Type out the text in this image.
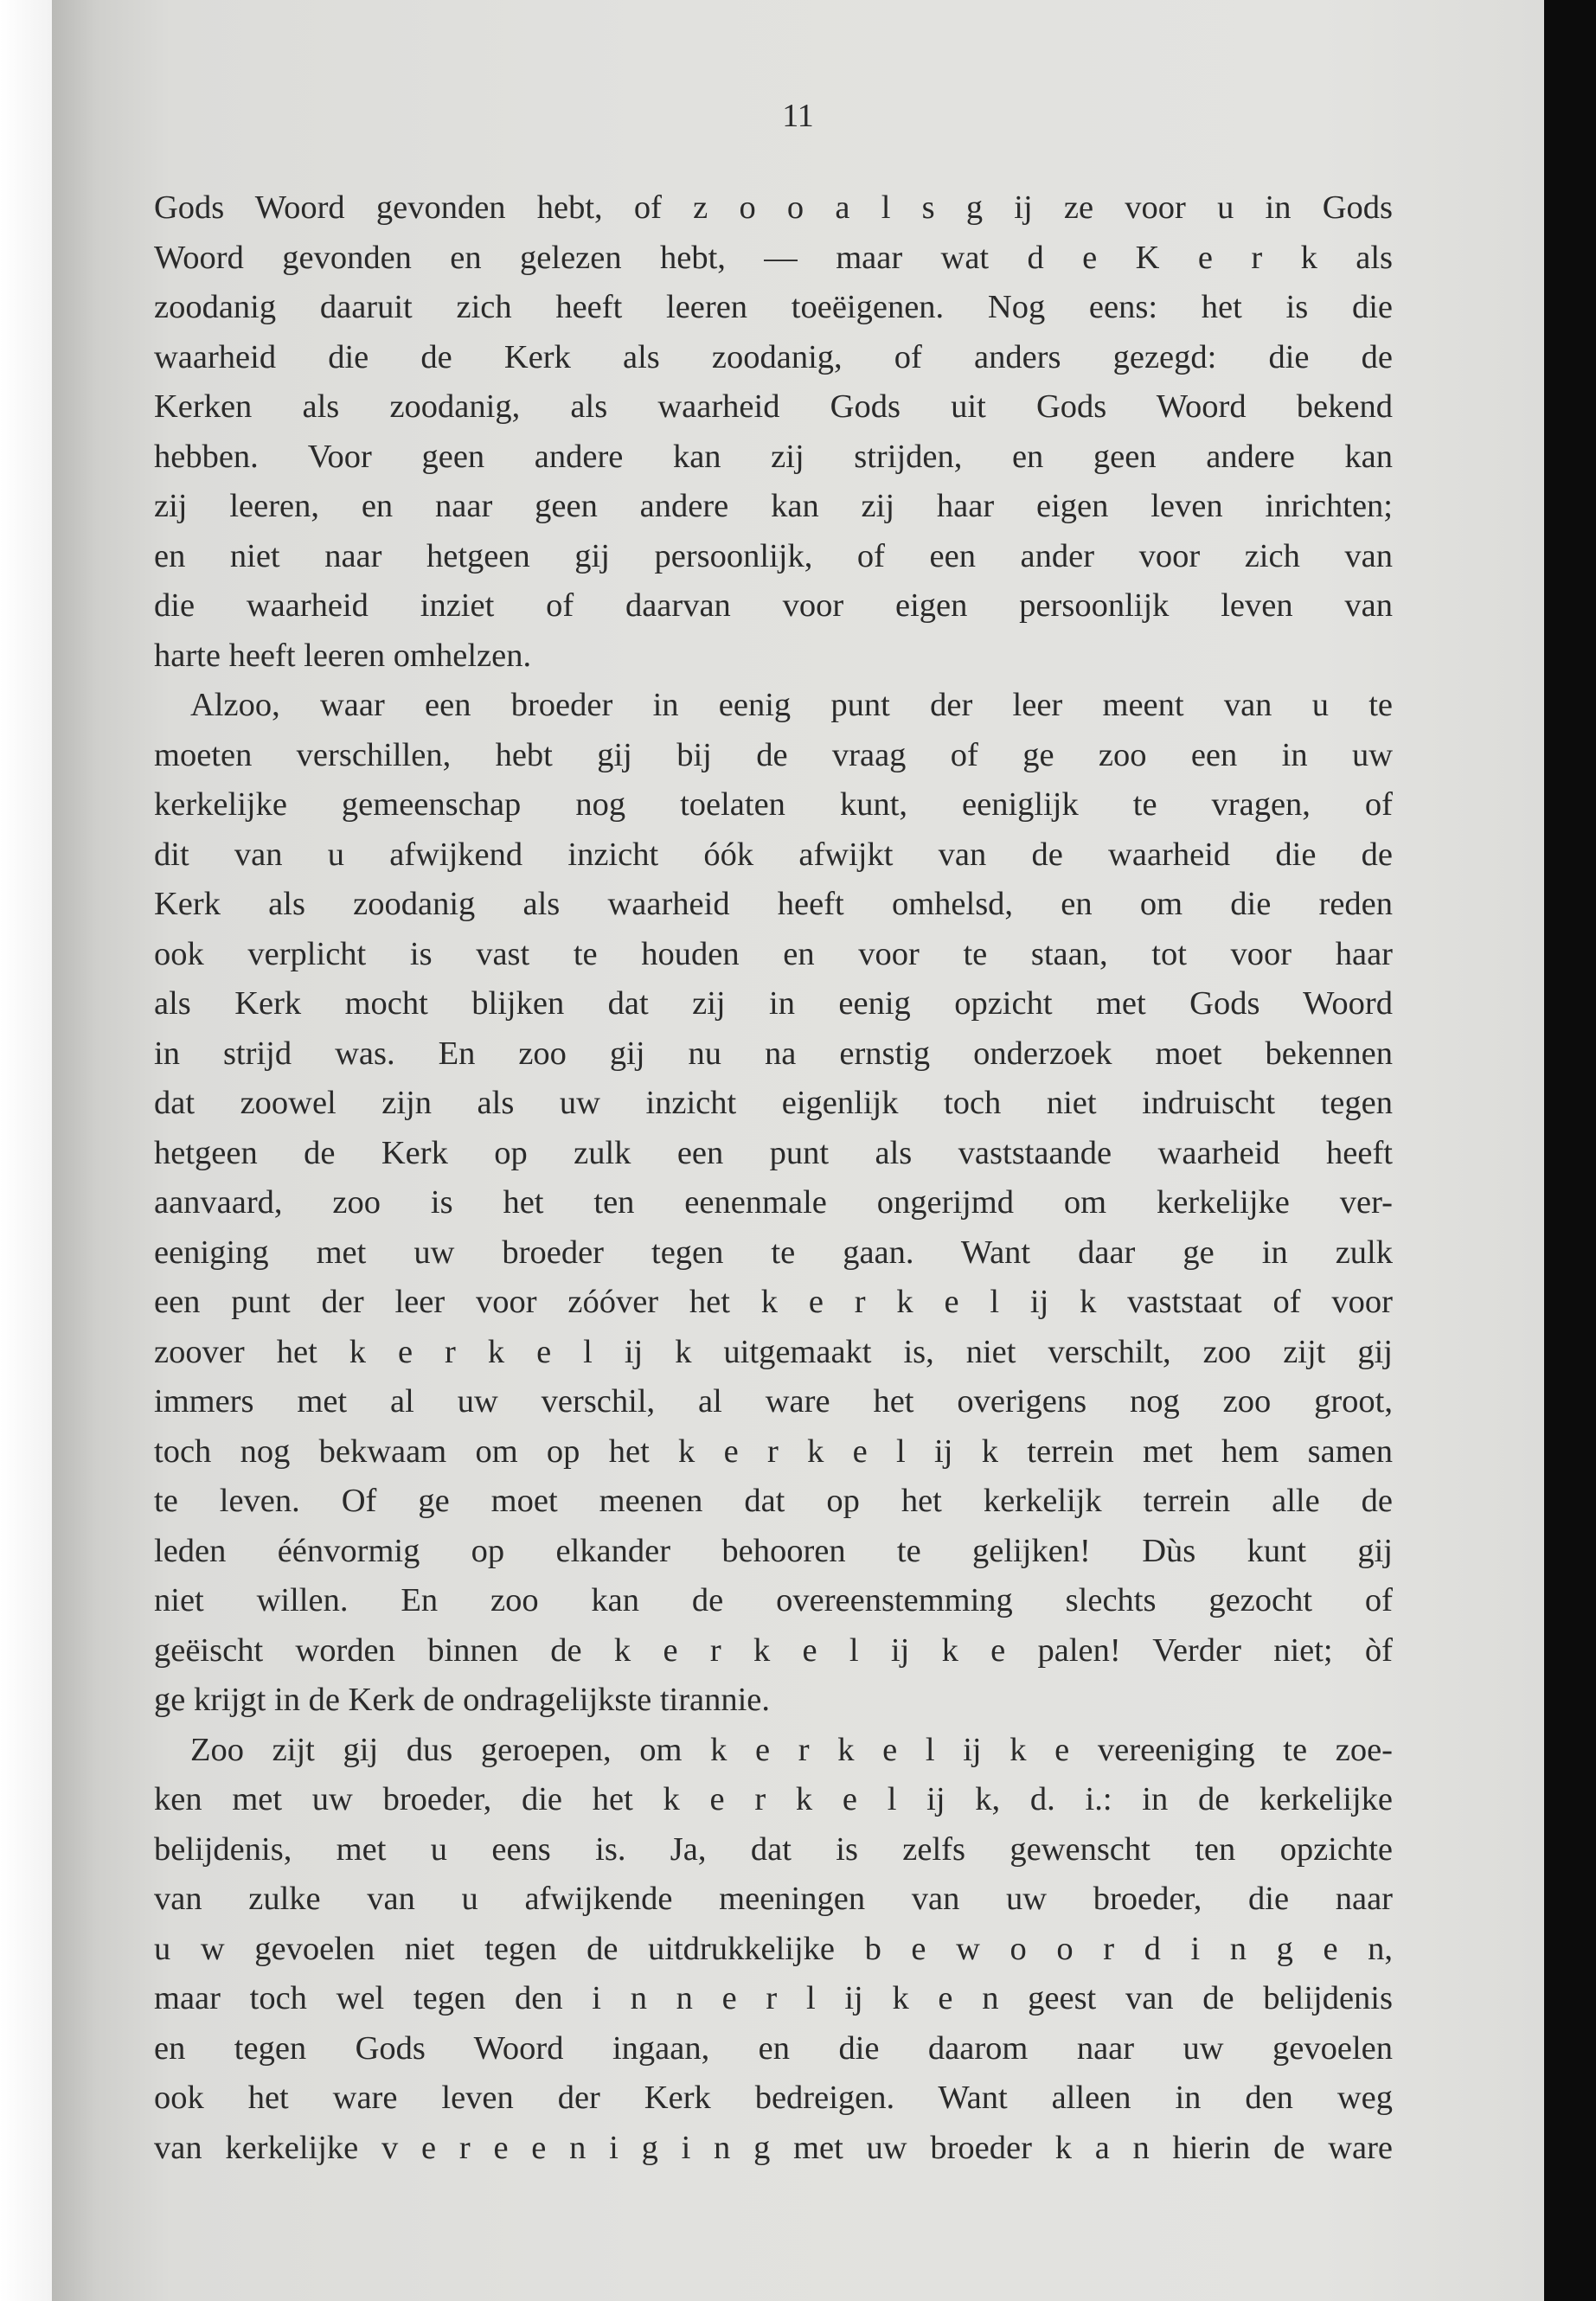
11
Gods Woord gevonden hebt, of z o o a l s g ij ze voor u in Gods
Woord gevonden en gelezen hebt, — maar wat d e K e r k als
zoodanig daaruit zich heeft leeren toeëigenen. Nog eens: het is die
waarheid die de Kerk als zoodanig, of anders gezegd: die de
Kerken als zoodanig, als waarheid Gods uit Gods Woord bekend
hebben. Voor geen andere kan zij strijden, en geen andere kan
zij leeren, en naar geen andere kan zij haar eigen leven inrichten;
en niet naar hetgeen gij persoonlijk, of een ander voor zich van
die waarheid inziet of daarvan voor eigen persoonlijk leven van
harte heeft leeren omhelzen.
Alzoo, waar een broeder in eenig punt der leer meent van u te
moeten verschillen, hebt gij bij de vraag of ge zoo een in uw
kerkelijke gemeenschap nog toelaten kunt, eeniglijk te vragen, of
dit van u afwijkend inzicht óók afwijkt van de waarheid die de
Kerk als zoodanig als waarheid heeft omhelsd, en om die reden
ook verplicht is vast te houden en voor te staan, tot voor haar
als Kerk mocht blijken dat zij in eenig opzicht met Gods Woord
in strijd was. En zoo gij nu na ernstig onderzoek moet bekennen
dat zoowel zijn als uw inzicht eigenlijk toch niet indruischt tegen
hetgeen de Kerk op zulk een punt als vaststaande waarheid heeft
aanvaard, zoo is het ten eenenmale ongerijmd om kerkelijke ver-
eeniging met uw broeder tegen te gaan. Want daar ge in zulk
een punt der leer voor zóóver het k e r k e l ij k vaststaat of voor
zoover het k e r k e l ij k uitgemaakt is, niet verschilt, zoo zijt gij
immers met al uw verschil, al ware het overigens nog zoo groot,
toch nog bekwaam om op het k e r k e l ij k terrein met hem samen
te leven. Of ge moet meenen dat op het kerkelijk terrein alle de
leden éénvormig op elkander behooren te gelijken! Dùs kunt gij
niet willen. En zoo kan de overeenstemming slechts gezocht of
geëischt worden binnen de k e r k e l ij k e palen! Verder niet; òf
ge krijgt in de Kerk de ondragelijkste tirannie.
Zoo zijt gij dus geroepen, om k e r k e l ij k e vereeniging te zoe-
ken met uw broeder, die het k e r k e l ij k, d. i.: in de kerkelijke
belijdenis, met u eens is. Ja, dat is zelfs gewenscht ten opzichte
van zulke van u afwijkende meeningen van uw broeder, die naar
u w gevoelen niet tegen de uitdrukkelijke b e w o o r d i n g e n,
maar toch wel tegen den i n n e r l ij k e n geest van de belijdenis
en tegen Gods Woord ingaan, en die daarom naar uw gevoelen
ook het ware leven der Kerk bedreigen. Want alleen in den weg
van kerkelijke v e r e e n i g i n g met uw broeder k a n hierin de ware
